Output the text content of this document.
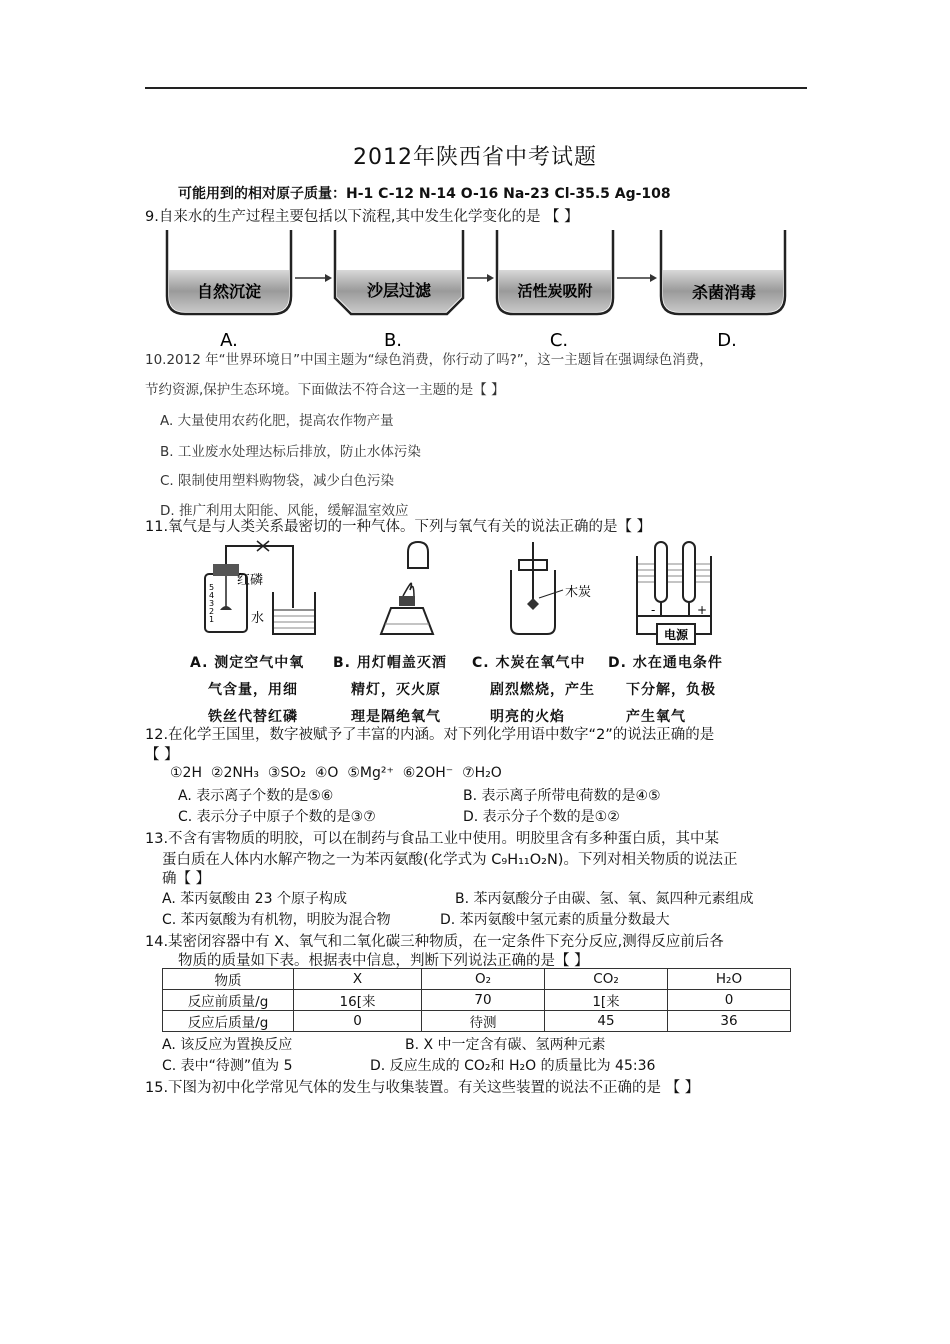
2012年陕西省中考试题
可能用到的相对原子质量：H-1 C-12 N-14 O-16 Na-23 Cl-35.5 Ag-108
9.自来水的生产过程主要包括以下流程,其中发生化学变化的是 【 】
自然沉淀	沙层过滤	活性炭吸附	杀菌消毒
A.	B.	C.	D.
10.2012 年“世界环境日”中国主题为“绿色消费，你行动了吗?”，这一主题旨在强调绿色消费，
节约资源,保护生态环境。下面做法不符合这一主题的是【 】
A. 大量使用农药化肥，提高农作物产量
B. 工业废水处理达标后排放，防止水体污染
C. 限制使用塑料购物袋，减少白色污染
D. 推广利用太阳能、风能，缓解温室效应
11.氧气是与人类关系最密切的一种气体。下列与氧气有关的说法正确的是【 】
5
4
3
2
1
红磷
水
木炭
-	+
电源
A. 测定空气中氧
气含量，用细
铁丝代替红磷
B. 用灯帽盖灭酒
精灯，灭火原
理是隔绝氧气
C. 木炭在氧气中
剧烈燃烧，产生
明亮的火焰
D. 水在通电条件
下分解，负极
产生氧气
12.在化学王国里，数字被赋予了丰富的内涵。对下列化学用语中数字“2”的说法正确的是
【 】
①2H ②2NH₃ ③SO₂ ④O ⑤Mg²⁺ ⑥2OH⁻ ⑦H₂O
A. 表示离子个数的是⑤⑥	B. 表示离子所带电荷数的是④⑤
C. 表示分子中原子个数的是③⑦	D. 表示分子个数的是①②
13.不含有害物质的明胶，可以在制药与食品工业中使用。明胶里含有多种蛋白质，其中某
蛋白质在人体内水解产物之一为苯丙氨酸(化学式为 C₉H₁₁O₂N)。下列对相关物质的说法正
确【 】
A. 苯丙氨酸由 23 个原子构成	B. 苯丙氨酸分子由碳、氢、氧、氮四种元素组成
C. 苯丙氨酸为有机物，明胶为混合物	D. 苯丙氨酸中氢元素的质量分数最大
14.某密闭容器中有 X、氧气和二氧化碳三种物质，在一定条件下充分反应,测得反应前后各
物质的质量如下表。根据表中信息，判断下列说法正确的是【 】
物质	X	O₂	CO₂	H₂O
反应前质量/g	16[来	70	1[来	0
反应后质量/g	0	待测	45	36
A. 该反应为置换反应	B. X 中一定含有碳、氢两种元素
C. 表中“待测”值为 5	D. 反应生成的 CO₂和 H₂O 的质量比为 45:36
15.下图为初中化学常见气体的发生与收集装置。有关这些装置的说法不正确的是 【 】
